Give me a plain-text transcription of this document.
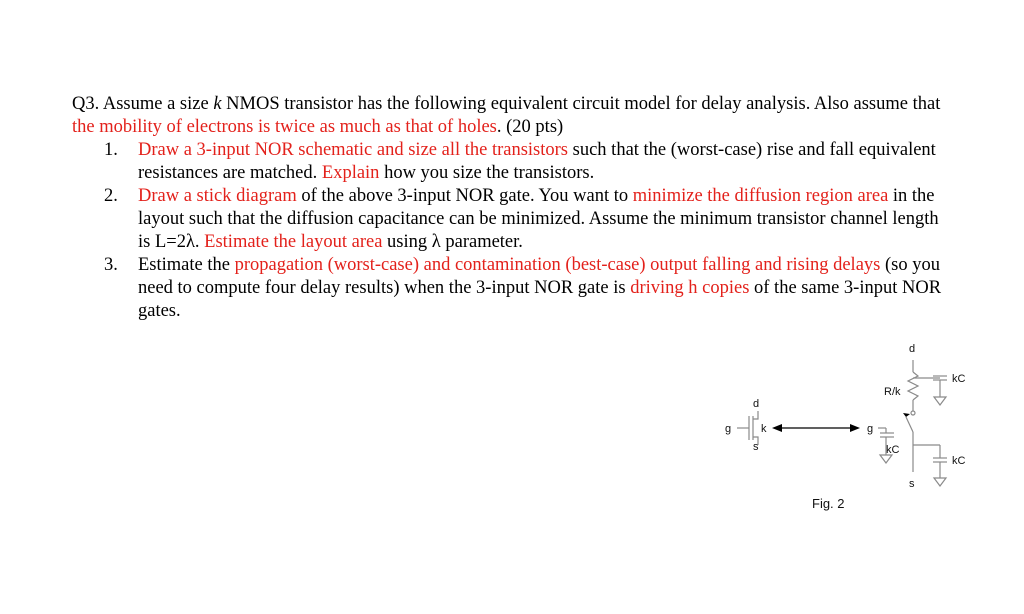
Q3. Assume a size k NMOS transistor has the following equivalent circuit model for delay analysis. Also assume that the mobility of electrons is twice as much as that of holes. (20 pts)

1. Draw a 3-input NOR schematic and size all the transistors such that the (worst-case) rise and fall equivalent resistances are matched. Explain how you size the transistors.
2. Draw a stick diagram of the above 3-input NOR gate. You want to minimize the diffusion region area in the layout such that the diffusion capacitance can be minimized. Assume the minimum transistor channel length is L=2λ. Estimate the layout area using λ parameter.
3. Estimate the propagation (worst-case) and contamination (best-case) output falling and rising delays (so you need to compute four delay results) when the 3-input NOR gate is driving h copies of the same 3-input NOR gates.
g
d
s
k
d
R/k
g
kC
kC
kC
s
Fig. 2
